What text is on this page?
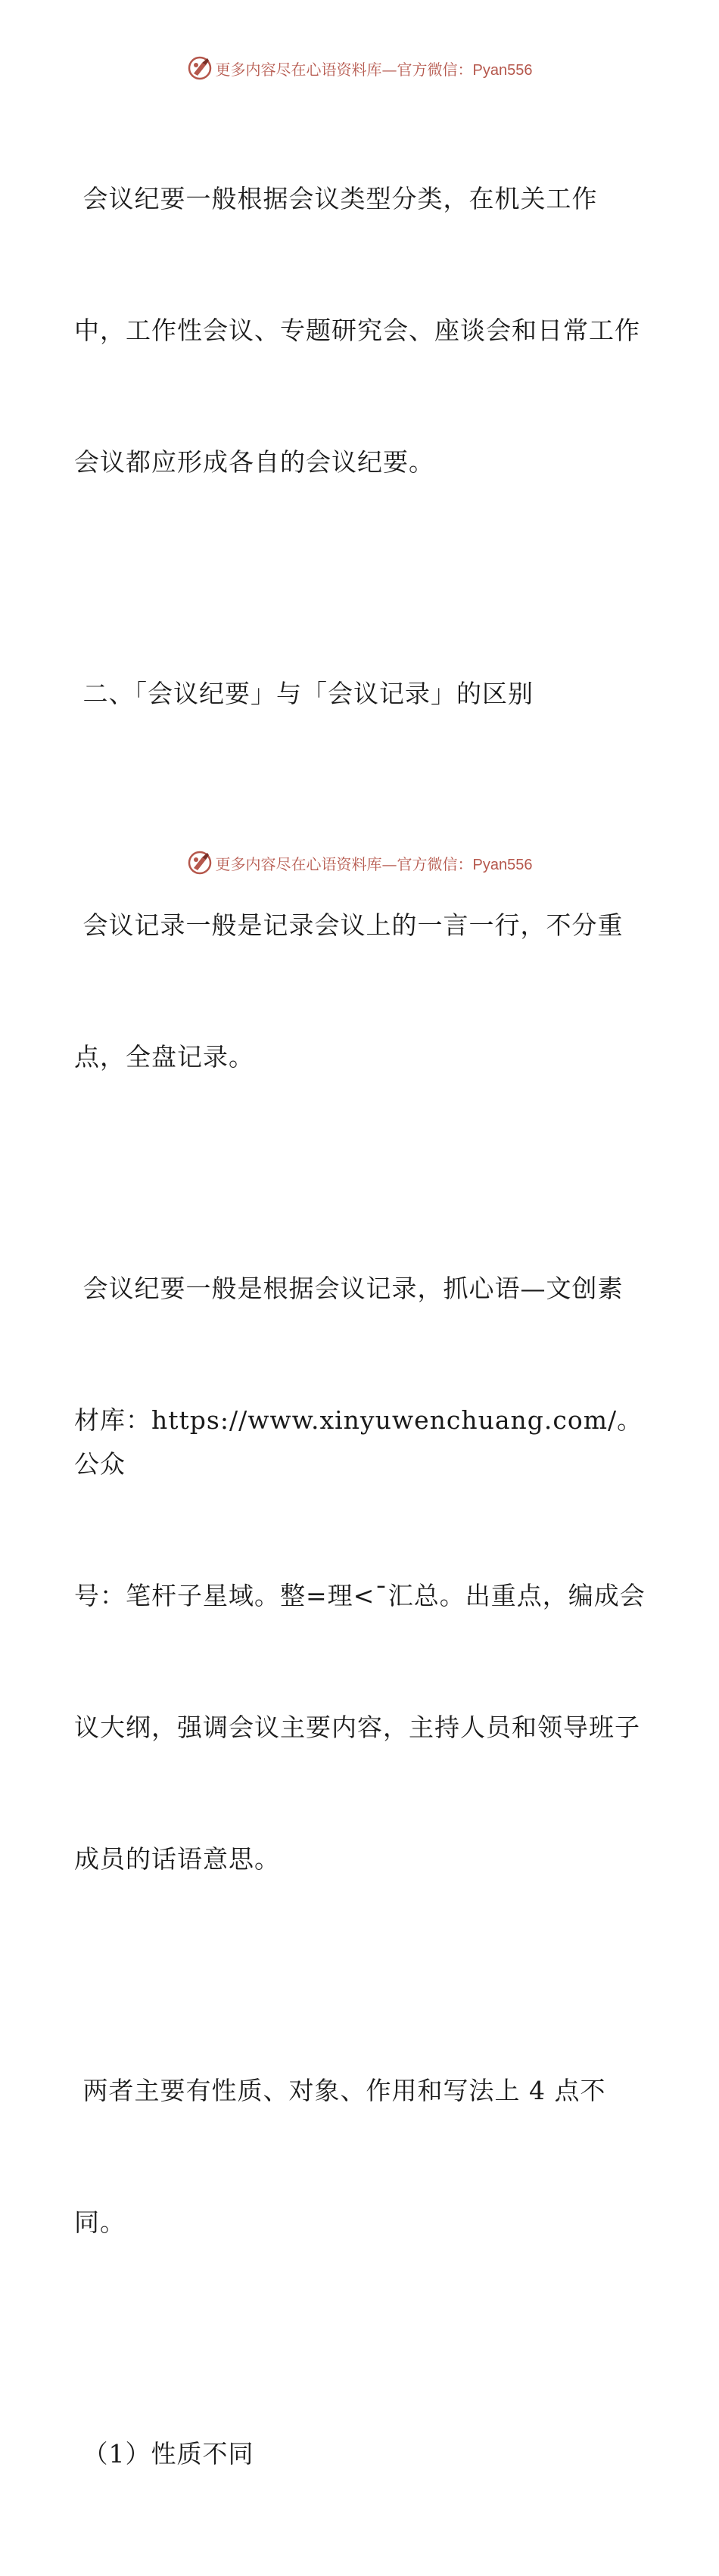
更多内容尽在心语资料库—官方微信：Pyan556

会议纪要一般根据会议类型分类，在机关工作

中，工作性会议、专题研究会、座谈会和日常工作

会议都应形成各自的会议纪要。

二、「会议纪要」与「会议记录」的区别

会议记录一般是记录会议上的一言一行，不分重

点，全盘记录。

会议纪要一般是根据会议记录，抓心语—文创素

材库：https://www.xinyuwenchuang.com/。公众

号：笔杆子星域。整=理<¯汇总。出重点，编成会

议大纲，强调会议主要内容，主持人员和领导班子

成员的话语意思。

两者主要有性质、对象、作用和写法上 4 点不

同。

（1）性质不同

更多内容尽在心语资料库—官方微信：Pyan556
